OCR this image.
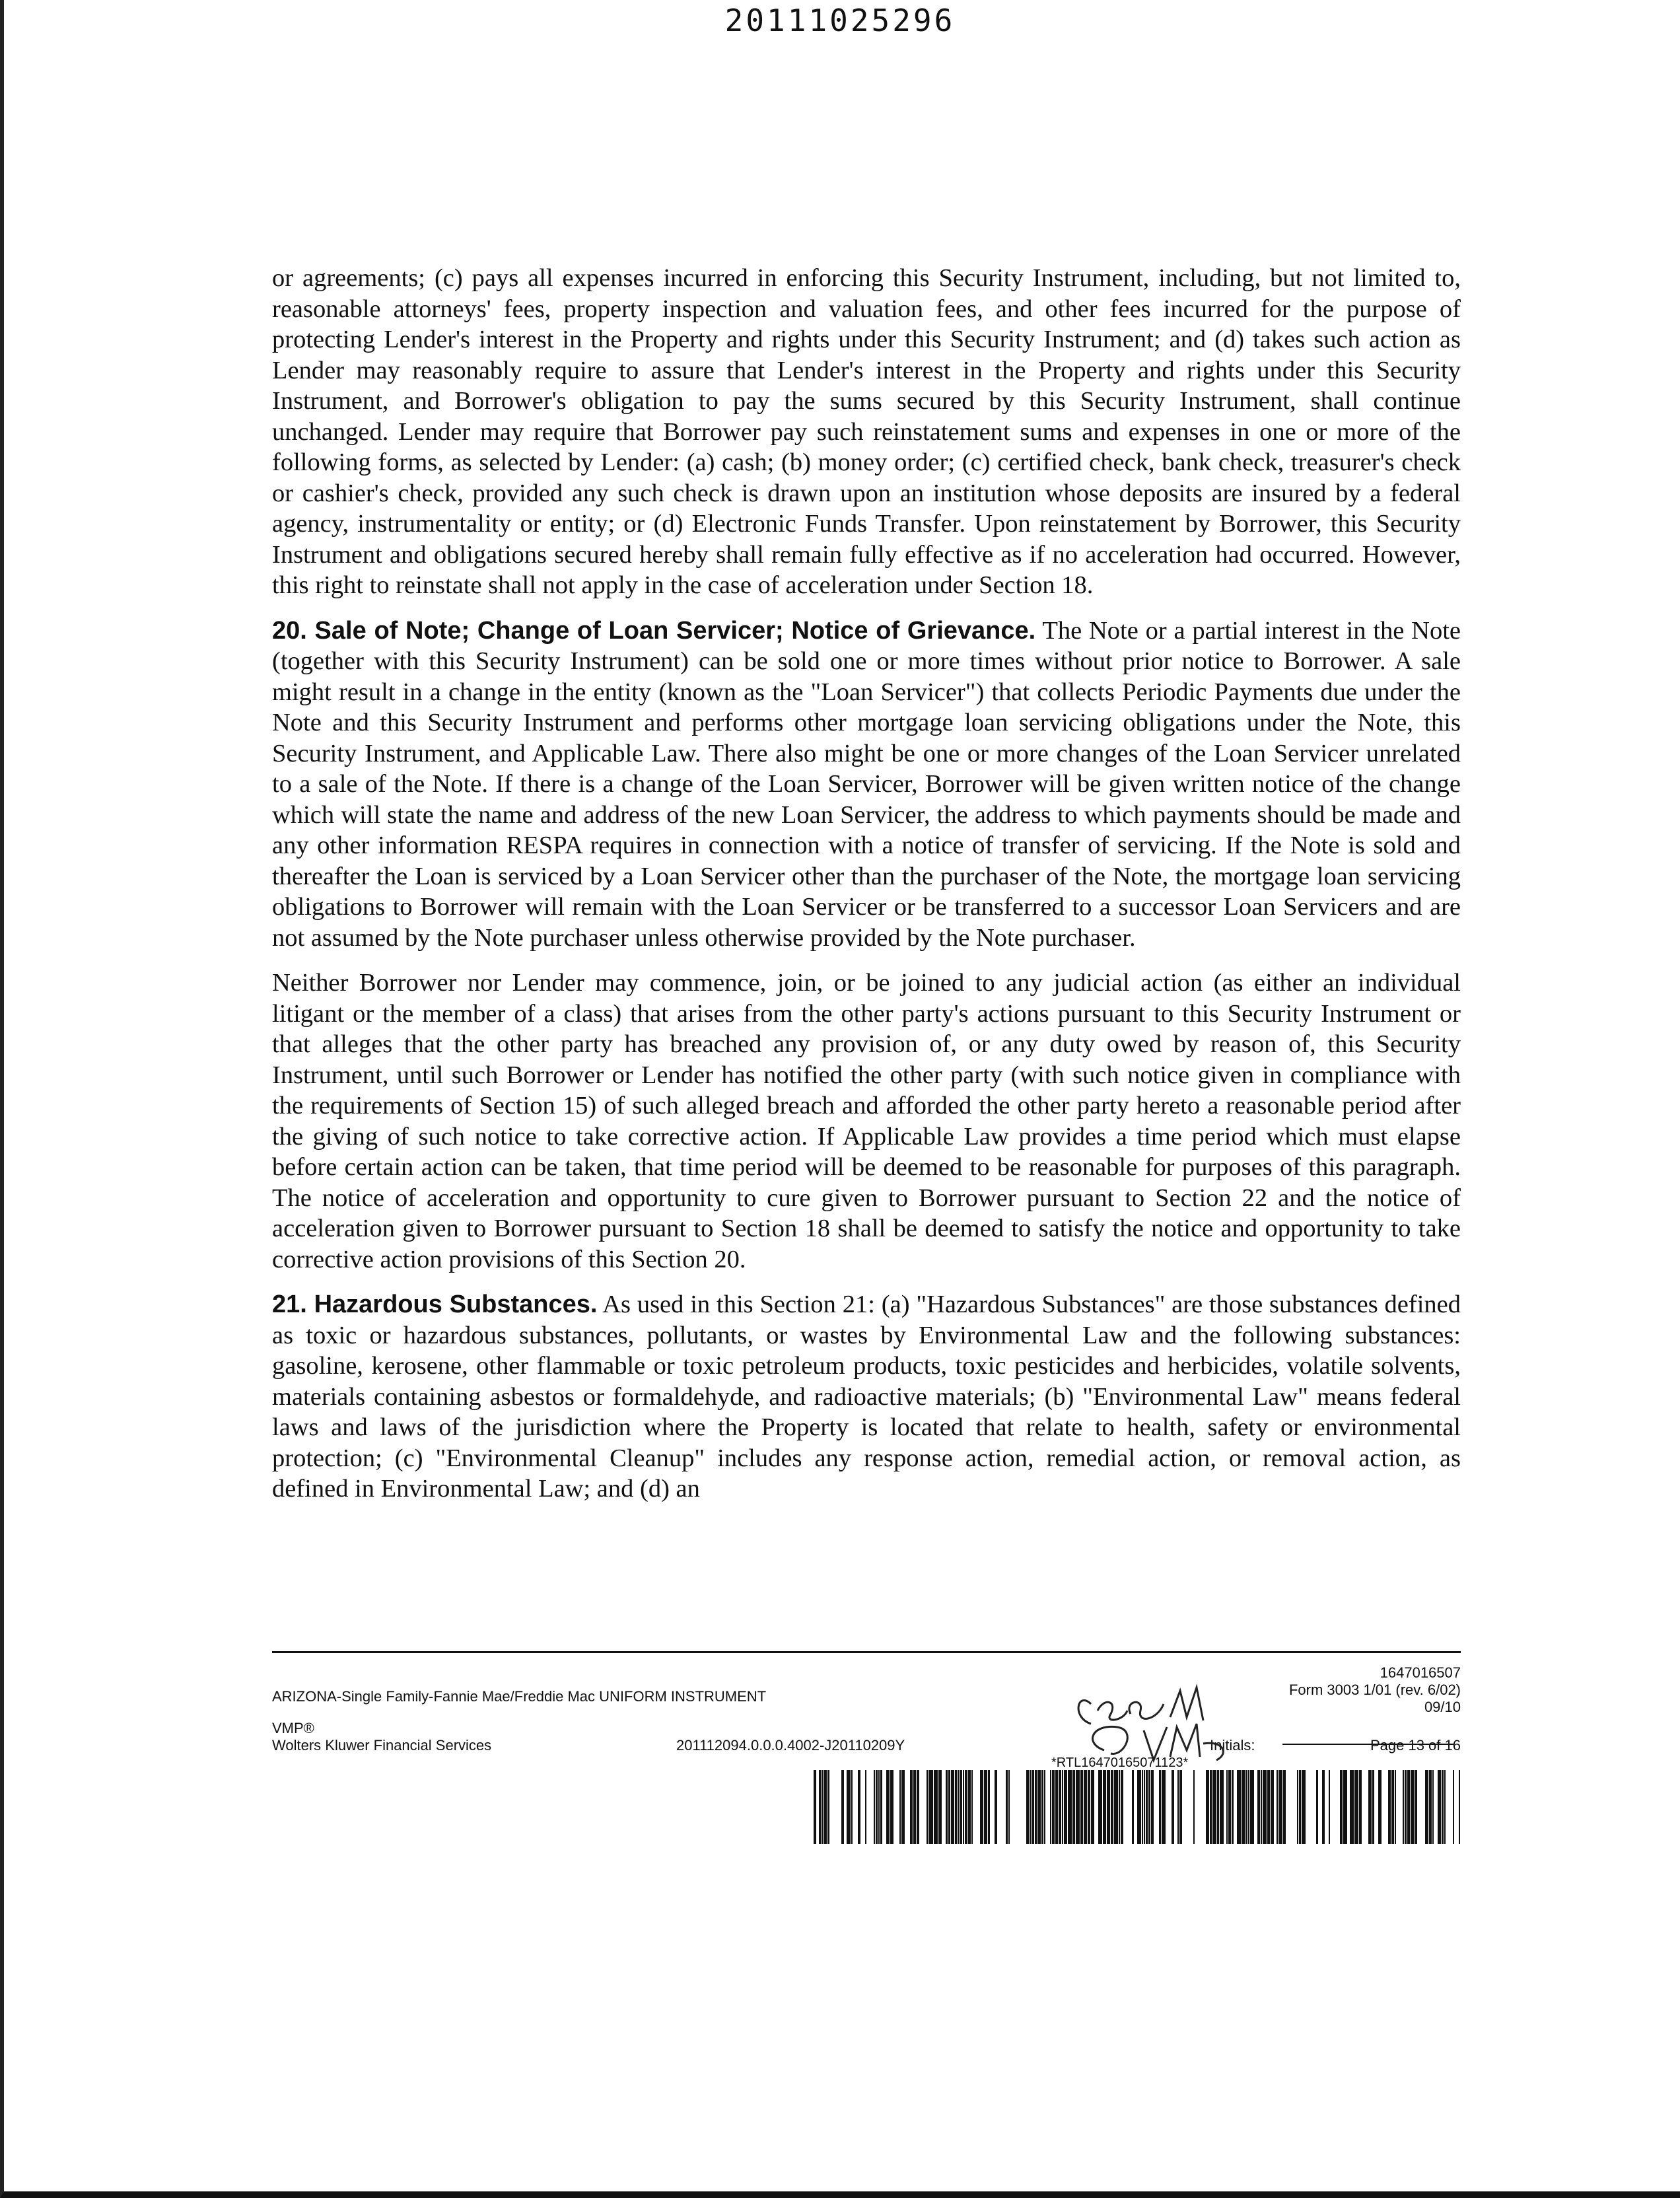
20111025296

or agreements; (c) pays all expenses incurred in enforcing this Security Instrument, including, but not limited to, reasonable attorneys' fees, property inspection and valuation fees, and other fees incurred for the purpose of protecting Lender's interest in the Property and rights under this Security Instrument; and (d) takes such action as Lender may reasonably require to assure that Lender's interest in the Property and rights under this Security Instrument, and Borrower's obligation to pay the sums secured by this Security Instrument, shall continue unchanged. Lender may require that Borrower pay such reinstatement sums and expenses in one or more of the following forms, as selected by Lender: (a) cash; (b) money order; (c) certified check, bank check, treasurer's check or cashier's check, provided any such check is drawn upon an institution whose deposits are insured by a federal agency, instrumentality or entity; or (d) Electronic Funds Transfer. Upon reinstatement by Borrower, this Security Instrument and obligations secured hereby shall remain fully effective as if no acceleration had occurred. However, this right to reinstate shall not apply in the case of acceleration under Section 18.

20. Sale of Note; Change of Loan Servicer; Notice of Grievance. The Note or a partial interest in the Note (together with this Security Instrument) can be sold one or more times without prior notice to Borrower. A sale might result in a change in the entity (known as the "Loan Servicer") that collects Periodic Payments due under the Note and this Security Instrument and performs other mortgage loan servicing obligations under the Note, this Security Instrument, and Applicable Law. There also might be one or more changes of the Loan Servicer unrelated to a sale of the Note. If there is a change of the Loan Servicer, Borrower will be given written notice of the change which will state the name and address of the new Loan Servicer, the address to which payments should be made and any other information RESPA requires in connection with a notice of transfer of servicing. If the Note is sold and thereafter the Loan is serviced by a Loan Servicer other than the purchaser of the Note, the mortgage loan servicing obligations to Borrower will remain with the Loan Servicer or be transferred to a successor Loan Servicers and are not assumed by the Note purchaser unless otherwise provided by the Note purchaser.

Neither Borrower nor Lender may commence, join, or be joined to any judicial action (as either an individual litigant or the member of a class) that arises from the other party's actions pursuant to this Security Instrument or that alleges that the other party has breached any provision of, or any duty owed by reason of, this Security Instrument, until such Borrower or Lender has notified the other party (with such notice given in compliance with the requirements of Section 15) of such alleged breach and afforded the other party hereto a reasonable period after the giving of such notice to take corrective action. If Applicable Law provides a time period which must elapse before certain action can be taken, that time period will be deemed to be reasonable for purposes of this paragraph. The notice of acceleration and opportunity to cure given to Borrower pursuant to Section 22 and the notice of acceleration given to Borrower pursuant to Section 18 shall be deemed to satisfy the notice and opportunity to take corrective action provisions of this Section 20.

21. Hazardous Substances. As used in this Section 21: (a) "Hazardous Substances" are those substances defined as toxic or hazardous substances, pollutants, or wastes by Environmental Law and the following substances: gasoline, kerosene, other flammable or toxic petroleum products, toxic pesticides and herbicides, volatile solvents, materials containing asbestos or formaldehyde, and radioactive materials; (b) "Environmental Law" means federal laws and laws of the jurisdiction where the Property is located that relate to health, safety or environmental protection; (c) "Environmental Cleanup" includes any response action, remedial action, or removal action, as defined in Environmental Law; and (d) an

ARIZONA-Single Family-Fannie Mae/Freddie Mac UNIFORM INSTRUMENT
VMP®
Wolters Kluwer Financial Services	201112094.0.0.0.4002-J20110209Y
1647016507
Form 3003 1/01 (rev. 6/02)
09/10
Initials:	Page 13 of 16
*RTL16470165071123*
